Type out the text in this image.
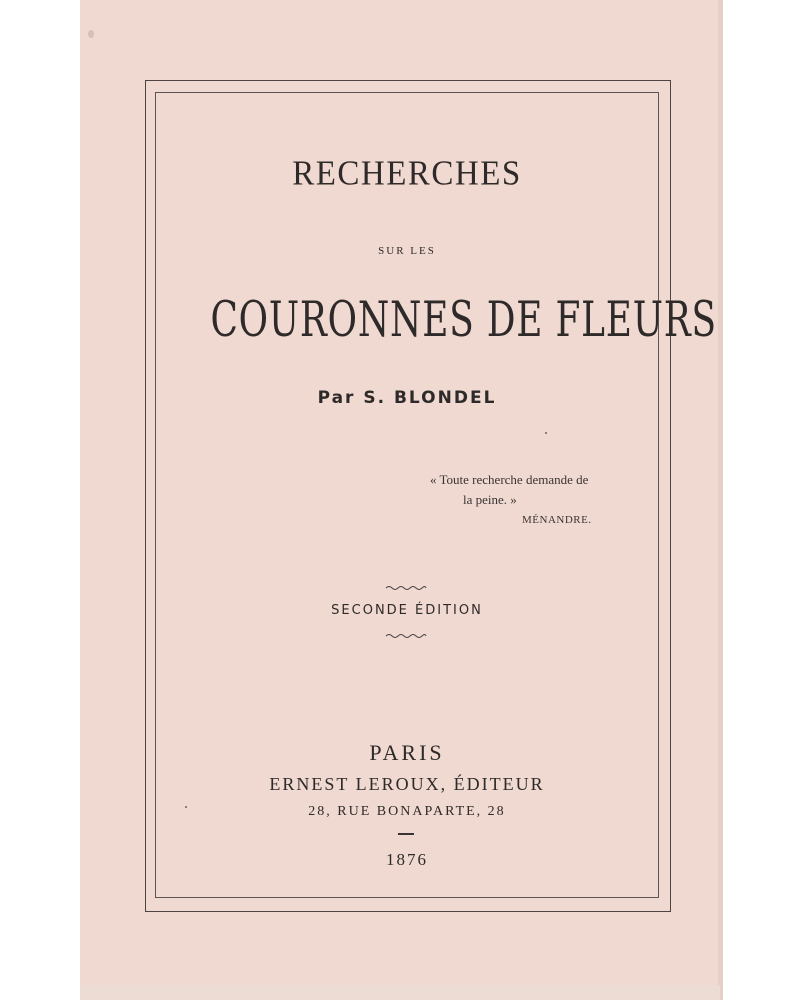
RECHERCHES
SUR LES
COURONNES DE FLEURS
Par S. BLONDEL
« Toute recherche demande de
la peine. »
MÉNANDRE.
SECONDE ÉDITION
PARIS
ERNEST LEROUX, ÉDITEUR
28, RUE BONAPARTE, 28
1876
